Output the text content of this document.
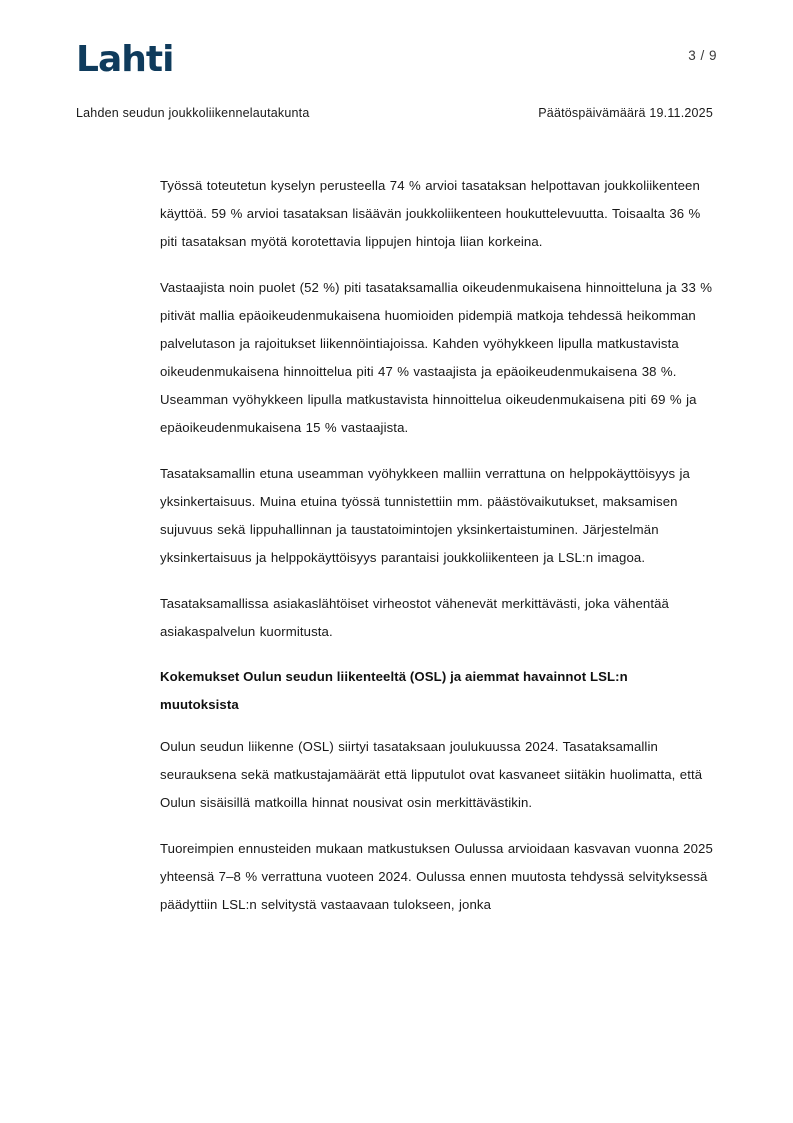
Lahti	3 / 9
Lahden seudun joukkoliikennelautakunta	Päätöspäivämäärä 19.11.2025

Työssä toteutetun kyselyn perusteella 74 % arvioi tasataksan helpottavan joukkoliikenteen käyttöä. 59 % arvioi tasataksan lisäävän joukkoliikenteen houkuttelevuutta. Toisaalta 36 % piti tasataksan myötä korotettavia lippujen hintoja liian korkeina.

Vastaajista noin puolet (52 %) piti tasataksamallia oikeudenmukaisena hinnoitteluna ja 33 % pitivät mallia epäoikeudenmukaisena huomioiden pidempiä matkoja tehdessä heikomman palvelutason ja rajoitukset liikennöintiajoissa. Kahden vyöhykkeen lipulla matkustavista oikeudenmukaisena hinnoittelua piti 47 % vastaajista ja epäoikeudenmukaisena 38 %. Useamman vyöhykkeen lipulla matkustavista hinnoittelua oikeudenmukaisena piti 69 % ja epäoikeudenmukaisena 15 % vastaajista.

Tasataksamallin etuna useamman vyöhykkeen malliin verrattuna on helppokäyttöisyys ja yksinkertaisuus. Muina etuina työssä tunnistettiin mm. päästövaikutukset, maksamisen sujuvuus sekä lippuhallinnan ja taustatoimintojen yksinkertaistuminen. Järjestelmän yksinkertaisuus ja helppokäyttöisyys parantaisi joukkoliikenteen ja LSL:n imagoa.

Tasataksamallissa asiakaslähtöiset virheostot vähenevät merkittävästi, joka vähentää asiakaspalvelun kuormitusta.

Kokemukset Oulun seudun liikenteeltä (OSL) ja aiemmat havainnot LSL:n muutoksista

Oulun seudun liikenne (OSL) siirtyi tasataksaan joulukuussa 2024. Tasataksamallin seurauksena sekä matkustajamäärät että lipputulot ovat kasvaneet siitäkin huolimatta, että Oulun sisäisillä matkoilla hinnat nousivat osin merkittävästikin.

Tuoreimpien ennusteiden mukaan matkustuksen Oulussa arvioidaan kasvavan vuonna 2025 yhteensä 7–8 % verrattuna vuoteen 2024. Oulussa ennen muutosta tehdyssä selvityksessä päädyttiin LSL:n selvitystä vastaavaan tulokseen, jonka
